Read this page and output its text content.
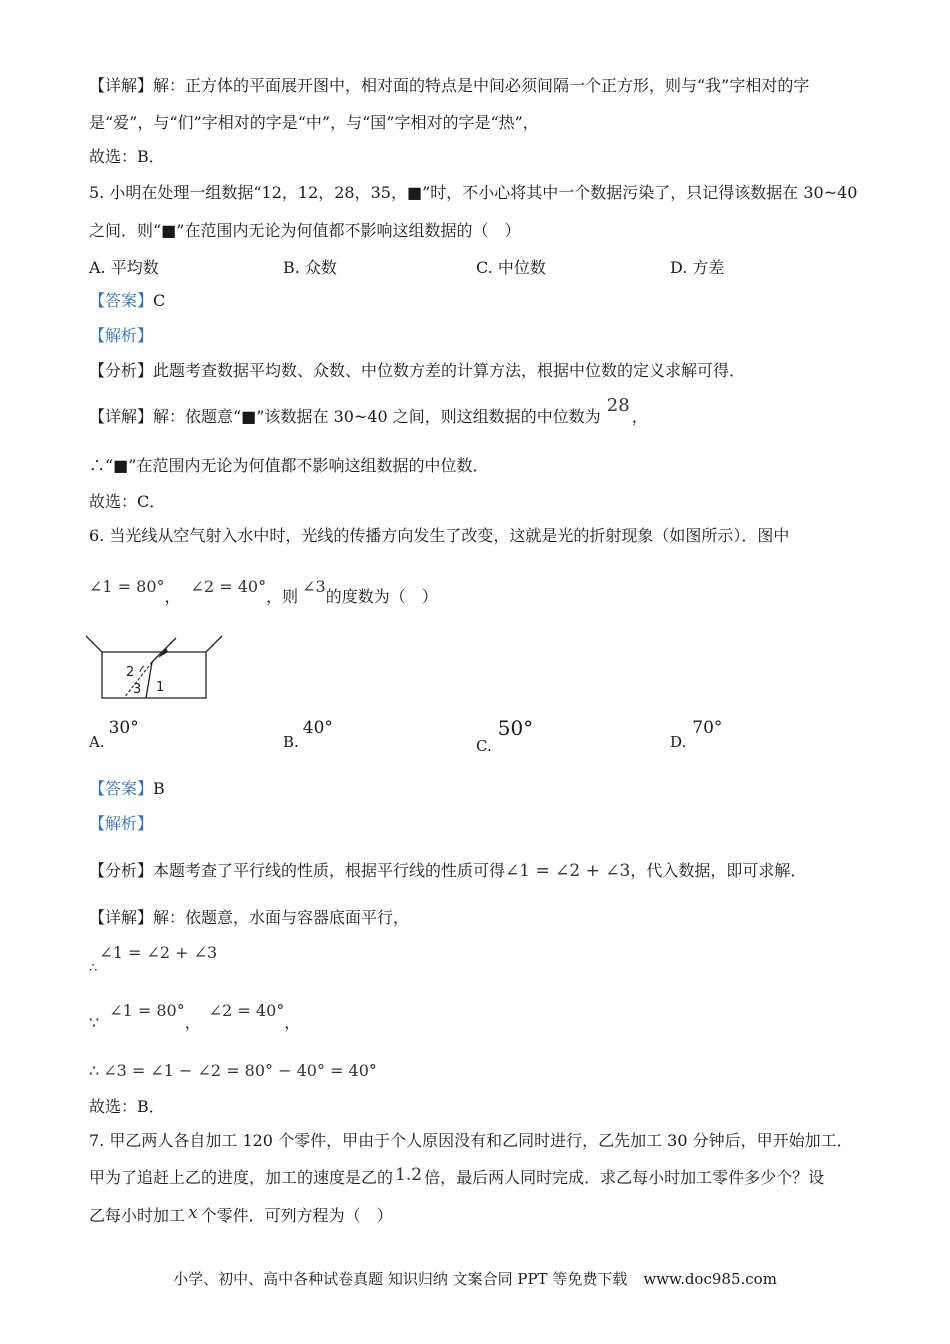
【详解】解：正方体的平面展开图中，相对面的特点是中间必须间隔一个正方形，则与“我”字相对的字
是“爱”，与“们”字相对的字是“中”，与“国”字相对的字是“热”，
故选：B．
5. 小明在处理一组数据“12，12，28，35，■”时，不小心将其中一个数据污染了，只记得该数据在 30~40
之间．则“■”在范围内无论为何值都不影响这组数据的（　）
A. 平均数	B. 众数	C. 中位数	D. 方差
【答案】C
【解析】
【分析】此题考查数据平均数、众数、中位数方差的计算方法，根据中位数的定义求解可得．
【详解】解：依题意“■”该数据在 30~40 之间，则这组数据的中位数为28，
∴“■”在范围内无论为何值都不影响这组数据的中位数．
故选：C．
6. 当光线从空气射入水中时，光线的传播方向发生了改变，这就是光的折射现象（如图所示）．图中
∠1 = 80°，∠2 = 40°，则∠3的度数为（　）
2
3 1
A.30°
B.40°
C.50°
D.70°
【答案】B
【解析】
【分析】本题考查了平行线的性质，根据平行线的性质可得∠1 = ∠2 + ∠3，代入数据，即可求解．
【详解】解：依题意，水面与容器底面平行，
$_\therefore$∠1 = ∠2 + ∠3
∵∠1 = 80°，∠2 = 40°，
∴ ∠3 = ∠1 − ∠2 = 80° − 40° = 40°
故选：B．
7. 甲乙两人各自加工 120 个零件，甲由于个人原因没有和乙同时进行，乙先加工 30 分钟后，甲开始加工．
甲为了追赶上乙的进度，加工的速度是乙的 1.2 倍，最后两人同时完成．求乙每小时加工零件多少个？设
乙每小时加工 x 个零件．可列方程为（　）
小学、初中、高中各种试卷真题 知识归纳 文案合同 PPT 等免费下载 www.doc985.com
